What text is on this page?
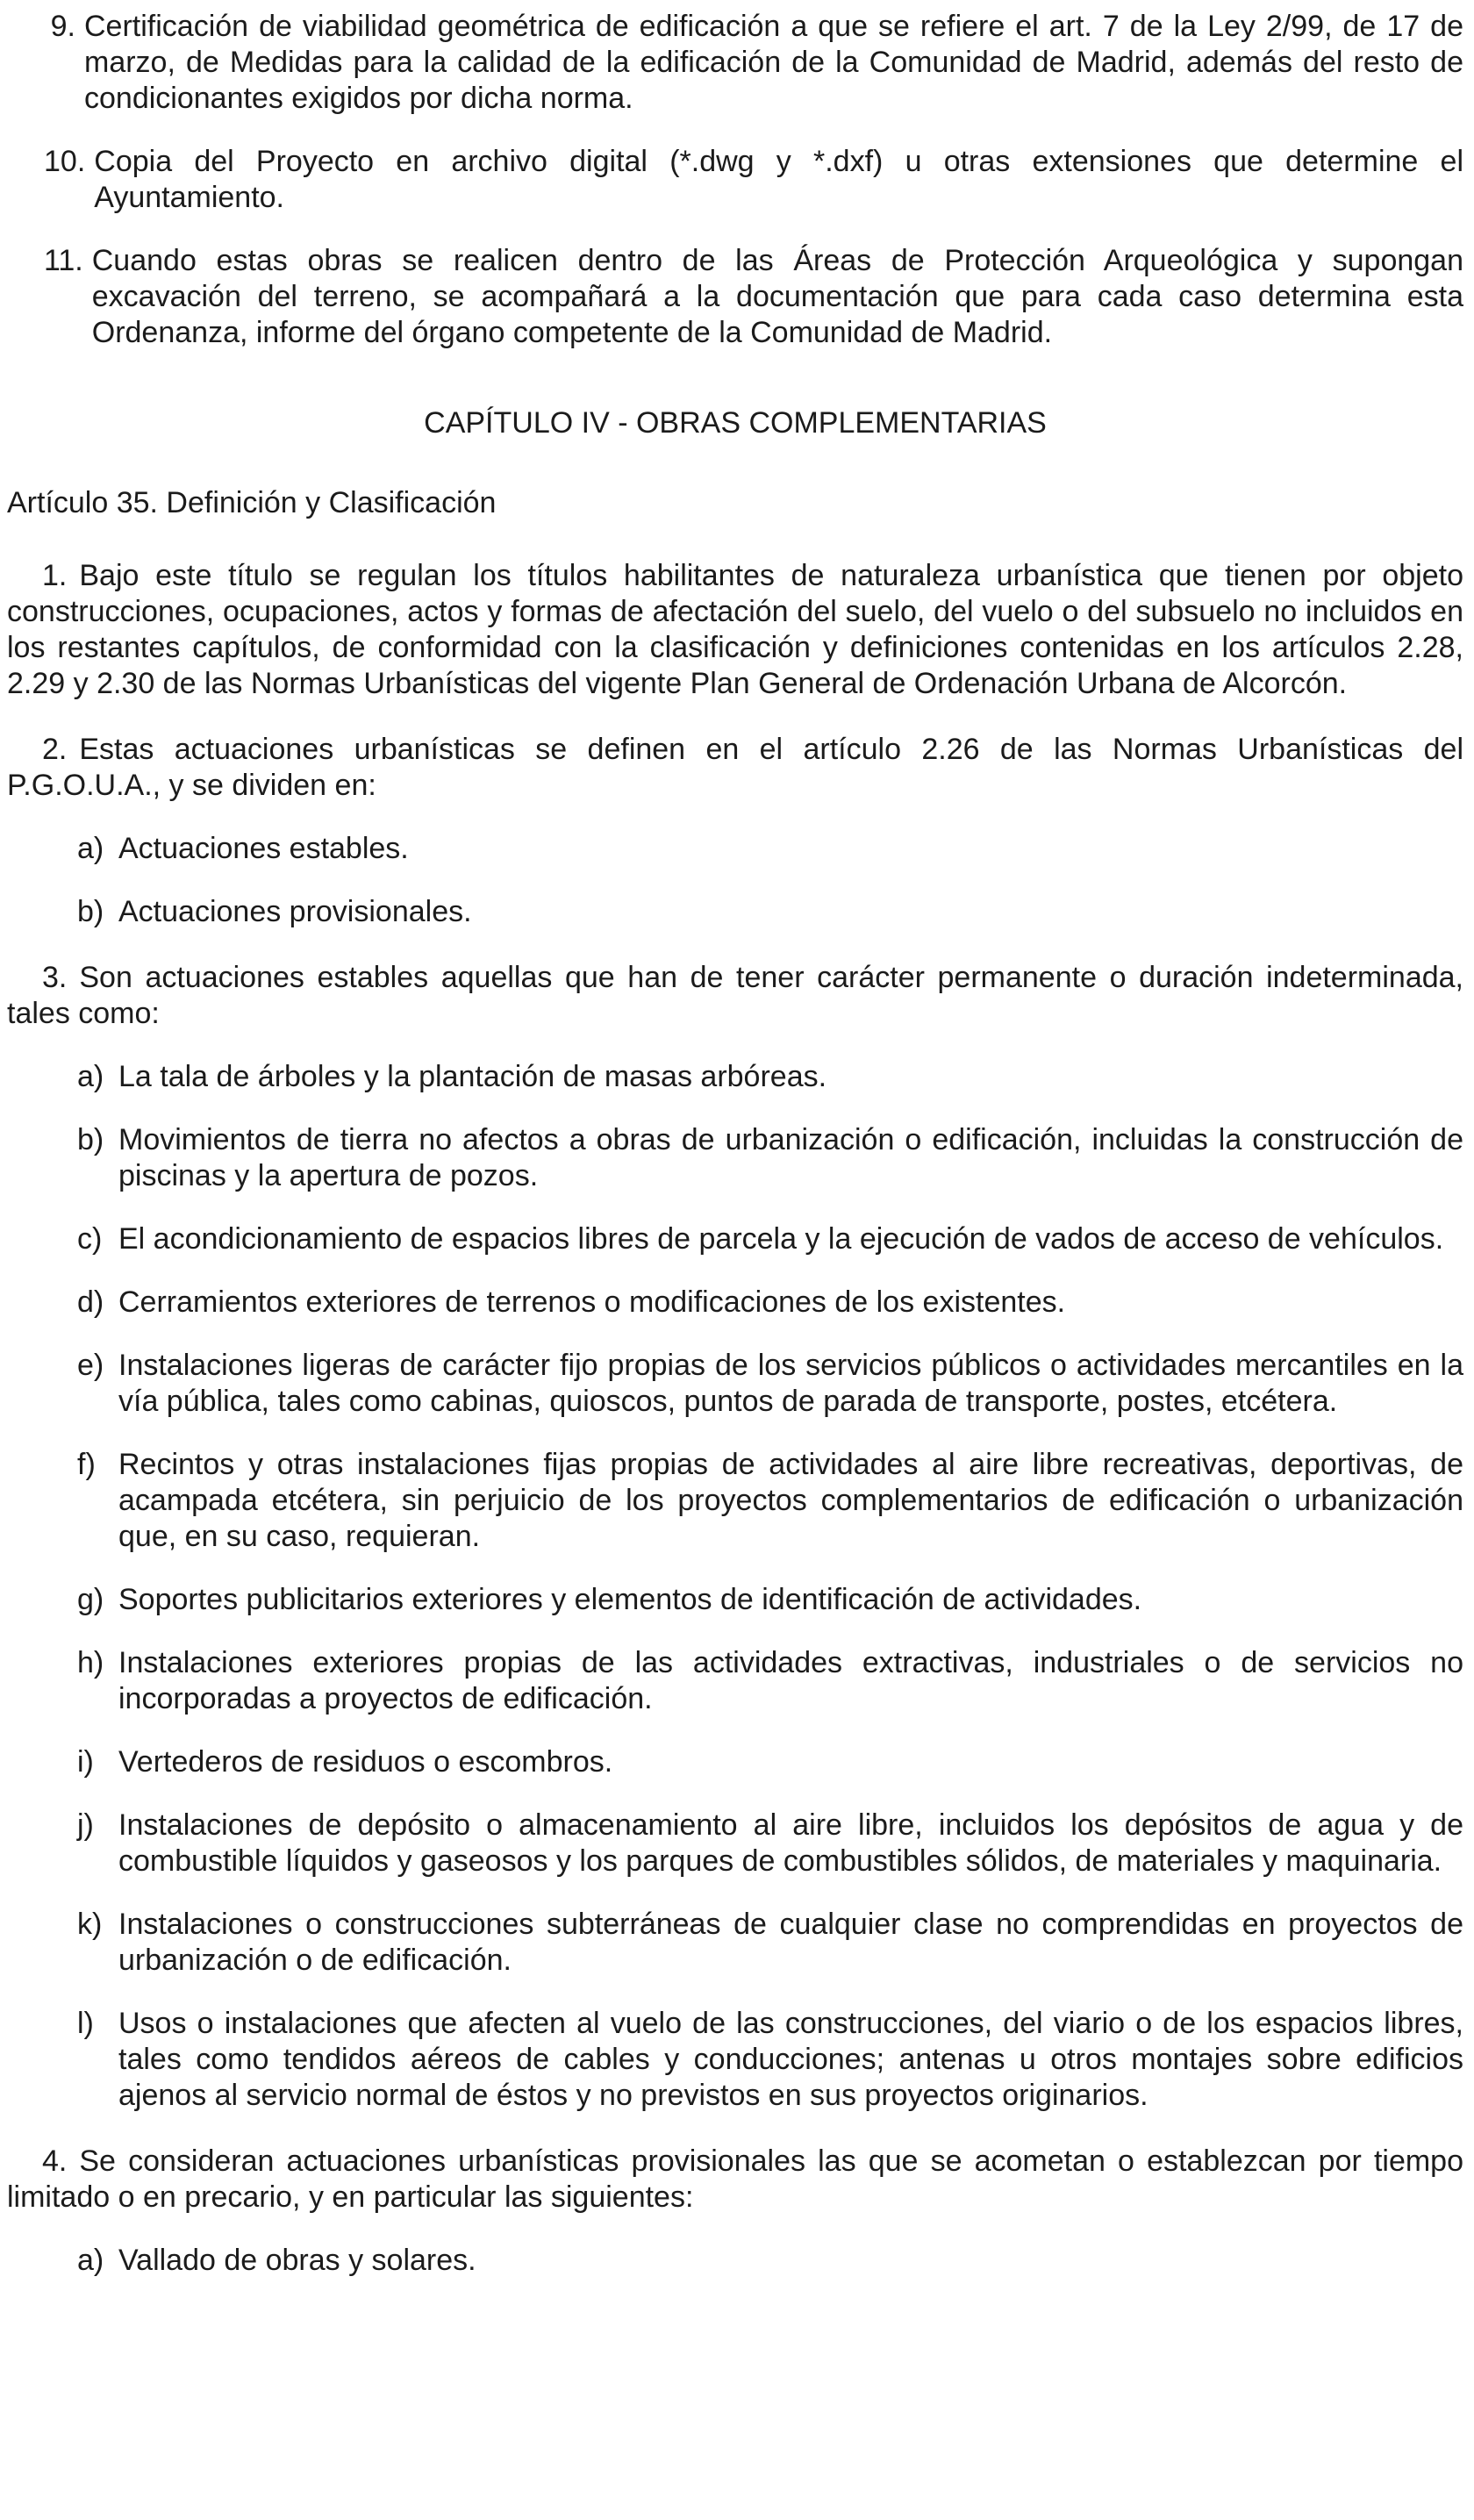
9. Certificación de viabilidad geométrica de edificación a que se refiere el art. 7 de la Ley 2/99, de 17 de marzo, de Medidas para la calidad de la edificación de la Comunidad de Madrid, además del resto de condicionantes exigidos por dicha norma.
10. Copia del Proyecto en archivo digital (*.dwg y *.dxf) u otras extensiones que determine el Ayuntamiento.
11. Cuando estas obras se realicen dentro de las Áreas de Protección Arqueológica y supongan excavación del terreno, se acompañará a la documentación que para cada caso determina esta Ordenanza, informe del órgano competente de la Comunidad de Madrid.
CAPÍTULO IV - OBRAS COMPLEMENTARIAS
Artículo 35. Definición y Clasificación

1. Bajo este título se regulan los títulos habilitantes de naturaleza urbanística que tienen por objeto construcciones, ocupaciones, actos y formas de afectación del suelo, del vuelo o del subsuelo no incluidos en los restantes capítulos, de conformidad con la clasificación y definiciones contenidas en los artículos 2.28, 2.29 y 2.30 de las Normas Urbanísticas del vigente Plan General de Ordenación Urbana de Alcorcón.

2. Estas actuaciones urbanísticas se definen en el artículo 2.26 de las Normas Urbanísticas del P.G.O.U.A., y se dividen en:

a) Actuaciones estables.
b) Actuaciones provisionales.

3. Son actuaciones estables aquellas que han de tener carácter permanente o duración indeterminada, tales como:

a) La tala de árboles y la plantación de masas arbóreas.
b) Movimientos de tierra no afectos a obras de urbanización o edificación, incluidas la construcción de piscinas y la apertura de pozos.
c) El acondicionamiento de espacios libres de parcela y la ejecución de vados de acceso de vehículos.
d) Cerramientos exteriores de terrenos o modificaciones de los existentes.
e) Instalaciones ligeras de carácter fijo propias de los servicios públicos o actividades mercantiles en la vía pública, tales como cabinas, quioscos, puntos de parada de transporte, postes, etcétera.
f) Recintos y otras instalaciones fijas propias de actividades al aire libre recreativas, deportivas, de acampada etcétera, sin perjuicio de los proyectos complementarios de edificación o urbanización que, en su caso, requieran.
g) Soportes publicitarios exteriores y elementos de identificación de actividades.
h) Instalaciones exteriores propias de las actividades extractivas, industriales o de servicios no incorporadas a proyectos de edificación.
i) Vertederos de residuos o escombros.
j) Instalaciones de depósito o almacenamiento al aire libre, incluidos los depósitos de agua y de combustible líquidos y gaseosos y los parques de combustibles sólidos, de materiales y maquinaria.
k) Instalaciones o construcciones subterráneas de cualquier clase no comprendidas en proyectos de urbanización o de edificación.
l) Usos o instalaciones que afecten al vuelo de las construcciones, del viario o de los espacios libres, tales como tendidos aéreos de cables y conducciones; antenas u otros montajes sobre edificios ajenos al servicio normal de éstos y no previstos en sus proyectos originarios.

4. Se consideran actuaciones urbanísticas provisionales las que se acometan o establezcan por tiempo limitado o en precario, y en particular las siguientes:

a) Vallado de obras y solares.
